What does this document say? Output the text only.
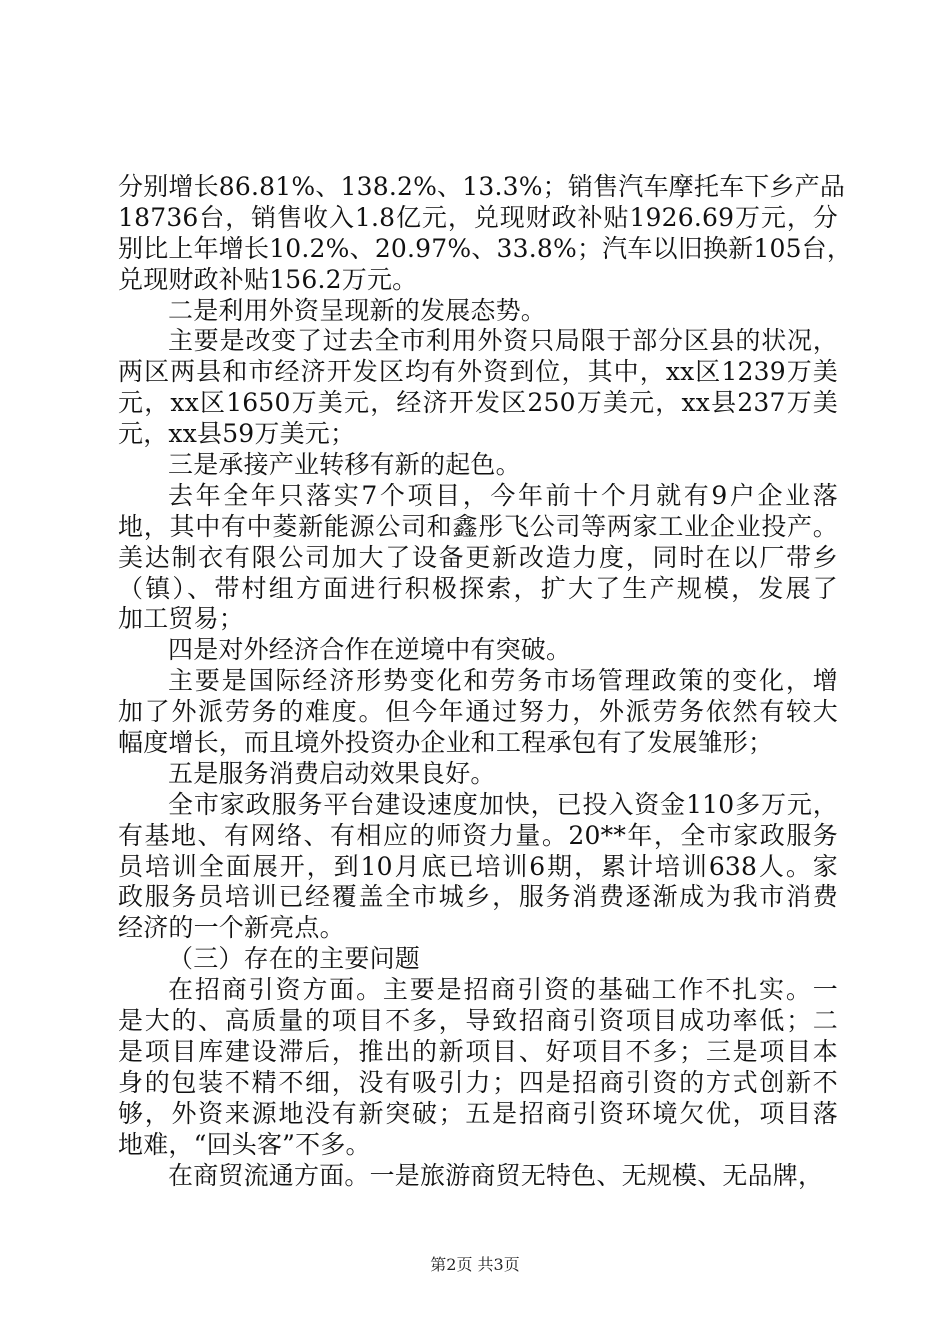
分别增长86.81%、138.2%、13.3%；销售汽车摩托车下乡产品
18736台，销售收入1.8亿元，兑现财政补贴1926.69万元，分
别比上年增长10.2%、20.97%、33.8%；汽车以旧换新105台，
兑现财政补贴156.2万元。
二是利用外资呈现新的发展态势。
主要是改变了过去全市利用外资只局限于部分区县的状况，
两区两县和市经济开发区均有外资到位，其中，xx区1239万美
元，xx区1650万美元，经济开发区250万美元，xx县237万美
元，xx县59万美元；
三是承接产业转移有新的起色。
去年全年只落实7个项目，今年前十个月就有9户企业落
地，其中有中菱新能源公司和鑫彤飞公司等两家工业企业投产。
美达制衣有限公司加大了设备更新改造力度，同时在以厂带乡
（镇）、带村组方面进行积极探索，扩大了生产规模，发展了
加工贸易；
四是对外经济合作在逆境中有突破。
主要是国际经济形势变化和劳务市场管理政策的变化，增
加了外派劳务的难度。但今年通过努力，外派劳务依然有较大
幅度增长，而且境外投资办企业和工程承包有了发展雏形；
五是服务消费启动效果良好。
全市家政服务平台建设速度加快，已投入资金110多万元，
有基地、有网络、有相应的师资力量。20**年，全市家政服务
员培训全面展开，到10月底已培训6期，累计培训638人。家
政服务员培训已经覆盖全市城乡，服务消费逐渐成为我市消费
经济的一个新亮点。
（三）存在的主要问题
在招商引资方面。主要是招商引资的基础工作不扎实。一
是大的、高质量的项目不多，导致招商引资项目成功率低；二
是项目库建设滞后，推出的新项目、好项目不多；三是项目本
身的包装不精不细，没有吸引力；四是招商引资的方式创新不
够，外资来源地没有新突破；五是招商引资环境欠优，项目落
地难，“回头客”不多。
在商贸流通方面。一是旅游商贸无特色、无规模、无品牌，
第2页 共3页
